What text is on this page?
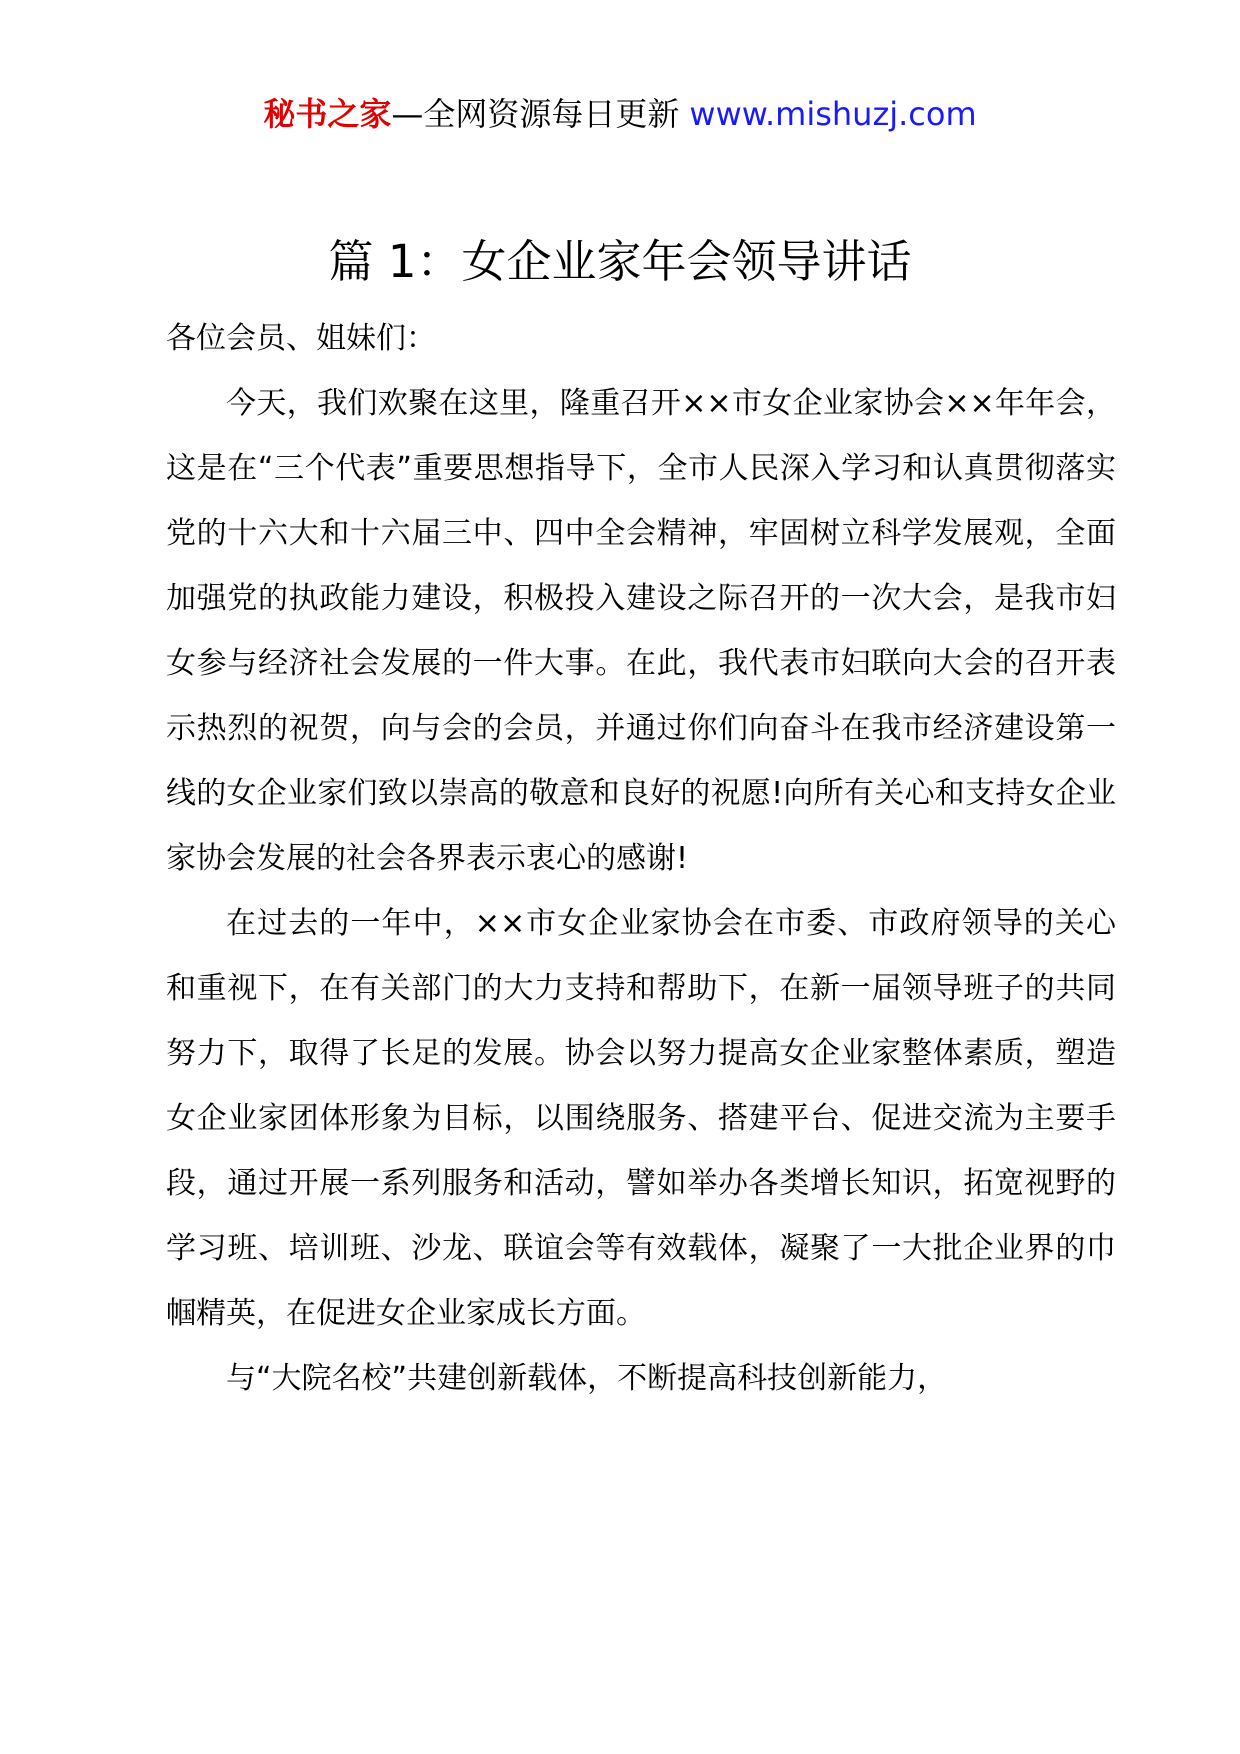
秘书之家—全网资源每日更新 www.mishuzj.com
篇 1：女企业家年会领导讲话

各位会员、姐妹们：

今天，我们欢聚在这里，隆重召开××市女企业家协会××年年会，这是在“三个代表”重要思想指导下，全市人民深入学习和认真贯彻落实党的十六大和十六届三中、四中全会精神，牢固树立科学发展观，全面加强党的执政能力建设，积极投入建设之际召开的一次大会，是我市妇女参与经济社会发展的一件大事。在此，我代表市妇联向大会的召开表示热烈的祝贺，向与会的会员，并通过你们向奋斗在我市经济建设第一线的女企业家们致以崇高的敬意和良好的祝愿!向所有关心和支持女企业家协会发展的社会各界表示衷心的感谢!

在过去的一年中，××市女企业家协会在市委、市政府领导的关心和重视下，在有关部门的大力支持和帮助下，在新一届领导班子的共同努力下，取得了长足的发展。协会以努力提高女企业家整体素质，塑造女企业家团体形象为目标，以围绕服务、搭建平台、促进交流为主要手段，通过开展一系列服务和活动，譬如举办各类增长知识，拓宽视野的学习班、培训班、沙龙、联谊会等有效载体，凝聚了一大批企业界的巾帼精英，在促进女企业家成长方面。

与“大院名校”共建创新载体，不断提高科技创新能力，
